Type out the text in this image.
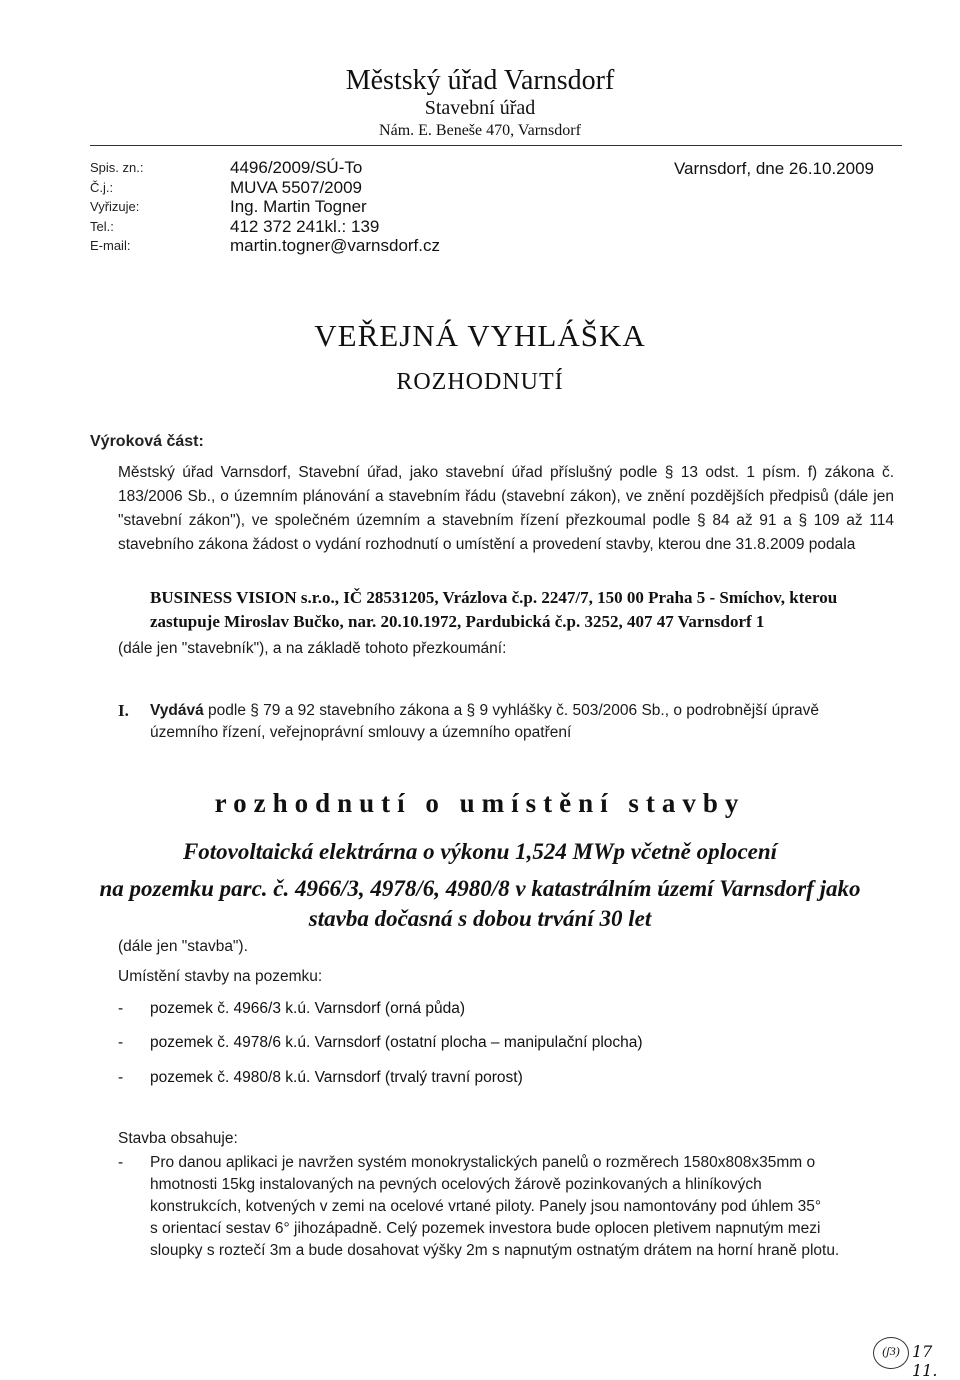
Městský úřad Varnsdorf
Stavební úřad
Nám. E. Beneše 470, Varnsdorf
Spis. zn.:
Č.j.:
Vyřizuje:
Tel.:
E-mail:
4496/2009/SÚ-To
MUVA 5507/2009
Ing. Martin Togner
412 372 241kl.: 139
martin.togner@varnsdorf.cz
Varnsdorf, dne 26.10.2009
VEŘEJNÁ VYHLÁŠKA
ROZHODNUTÍ
Výroková část:
Městský úřad Varnsdorf, Stavební úřad, jako stavební úřad příslušný podle § 13 odst. 1 písm. f) zákona č. 183/2006 Sb., o územním plánování a stavebním řádu (stavební zákon), ve znění pozdějších předpisů (dále jen "stavební zákon"), ve společném územním a stavebním řízení přezkoumal podle § 84 až 91 a § 109 až 114 stavebního zákona žádost o vydání rozhodnutí o umístění a provedení stavby, kterou dne 31.8.2009 podala
BUSINESS VISION s.r.o., IČ 28531205, Vrázlova č.p. 2247/7, 150 00 Praha 5 - Smíchov, kterou zastupuje Miroslav Bučko, nar. 20.10.1972, Pardubická č.p. 3252, 407 47 Varnsdorf 1
(dále jen "stavebník"), a na základě tohoto přezkoumání:
I. Vydává podle § 79 a 92 stavebního zákona a § 9 vyhlášky č. 503/2006 Sb., o podrobnější úpravě
územního řízení, veřejnoprávní smlouvy a územního opatření
rozhodnutí o umístění stavby
Fotovoltaická elektrárna o výkonu 1,524 MWp včetně oplocení
na pozemku parc. č. 4966/3, 4978/6, 4980/8 v katastrálním území Varnsdorf jako
stavba dočasná s dobou trvání 30 let
(dále jen "stavba").
Umístění stavby na pozemku:
- pozemek č. 4966/3 k.ú. Varnsdorf (orná půda)
- pozemek č. 4978/6 k.ú. Varnsdorf (ostatní plocha – manipulační plocha)
- pozemek č. 4980/8 k.ú. Varnsdorf (trvalý travní porost)
Stavba obsahuje:
- Pro danou aplikaci je navržen systém monokrystalických panelů o rozměrech 1580x808x35mm o
hmotnosti 15kg instalovaných na pevných ocelových žárově pozinkovaných a hliníkových
konstrukcích, kotvených v zemi na ocelové vrtané piloty. Panely jsou namontovány pod úhlem 35°
s orientací sestav 6° jihozápadně. Celý pozemek investora bude oplocen pletivem napnutým mezi
sloupky s roztečí 3m a bude dosahovat výšky 2m s napnutým ostnatým drátem na horní hraně plotu.
(ʃ3) 17 11.
